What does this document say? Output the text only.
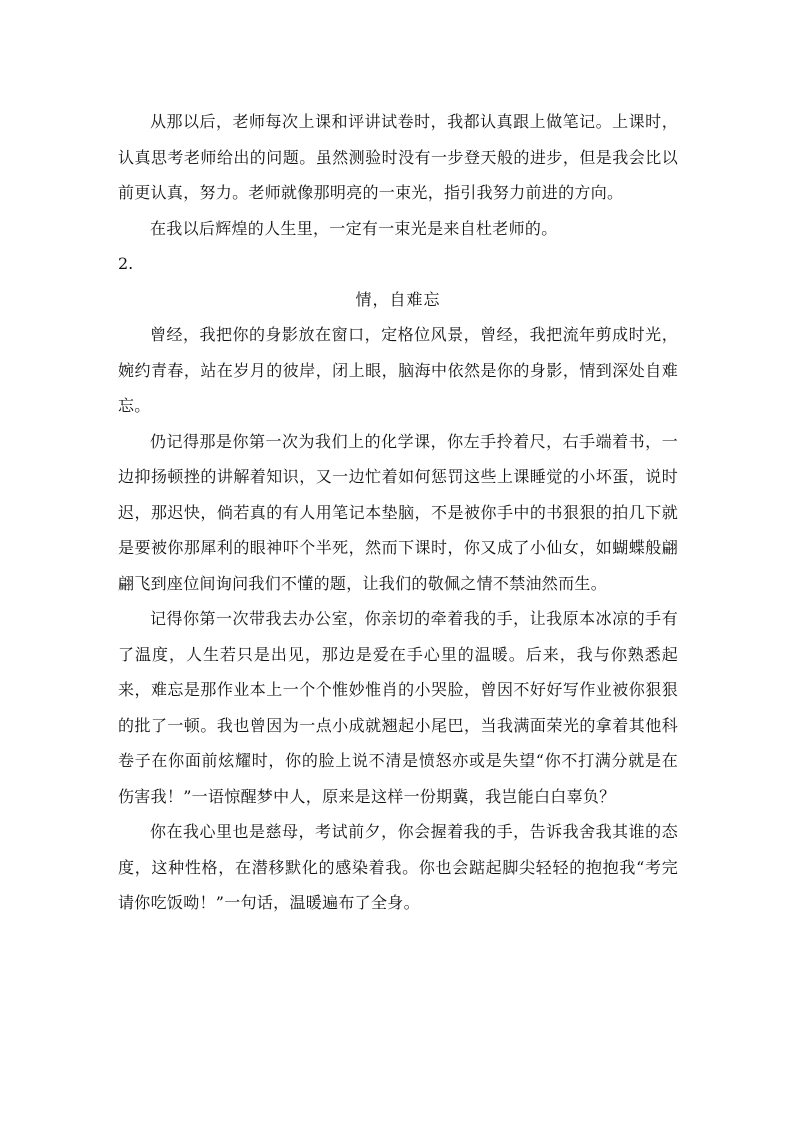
从那以后，老师每次上课和评讲试卷时，我都认真跟上做笔记。上课时，认真思考老师给出的问题。虽然测验时没有一步登天般的进步，但是我会比以前更认真，努力。老师就像那明亮的一束光，指引我努力前进的方向。

在我以后辉煌的人生里，一定有一束光是来自杜老师的。

2.

情，自难忘

曾经，我把你的身影放在窗口，定格位风景，曾经，我把流年剪成时光，婉约青春，站在岁月的彼岸，闭上眼，脑海中依然是你的身影，情到深处自难忘。

仍记得那是你第一次为我们上的化学课，你左手拎着尺，右手端着书，一边抑扬顿挫的讲解着知识，又一边忙着如何惩罚这些上课睡觉的小坏蛋，说时迟，那迟快，倘若真的有人用笔记本垫脑，不是被你手中的书狠狠的拍几下就是要被你那犀利的眼神吓个半死，然而下课时，你又成了小仙女，如蝴蝶般翩翩飞到座位间询问我们不懂的题，让我们的敬佩之情不禁油然而生。

记得你第一次带我去办公室，你亲切的牵着我的手，让我原本冰凉的手有了温度，人生若只是出见，那边是爱在手心里的温暖。后来，我与你熟悉起来，难忘是那作业本上一个个惟妙惟肖的小哭脸，曾因不好好写作业被你狠狠的批了一顿。我也曾因为一点小成就翘起小尾巴，当我满面荣光的拿着其他科卷子在你面前炫耀时，你的脸上说不清是愤怒亦或是失望“你不打满分就是在伤害我！”一语惊醒梦中人，原来是这样一份期冀，我岂能白白辜负？

你在我心里也是慈母，考试前夕，你会握着我的手，告诉我舍我其谁的态度，这种性格，在潜移默化的感染着我。你也会踮起脚尖轻轻的抱抱我“考完请你吃饭呦！”一句话，温暖遍布了全身。
